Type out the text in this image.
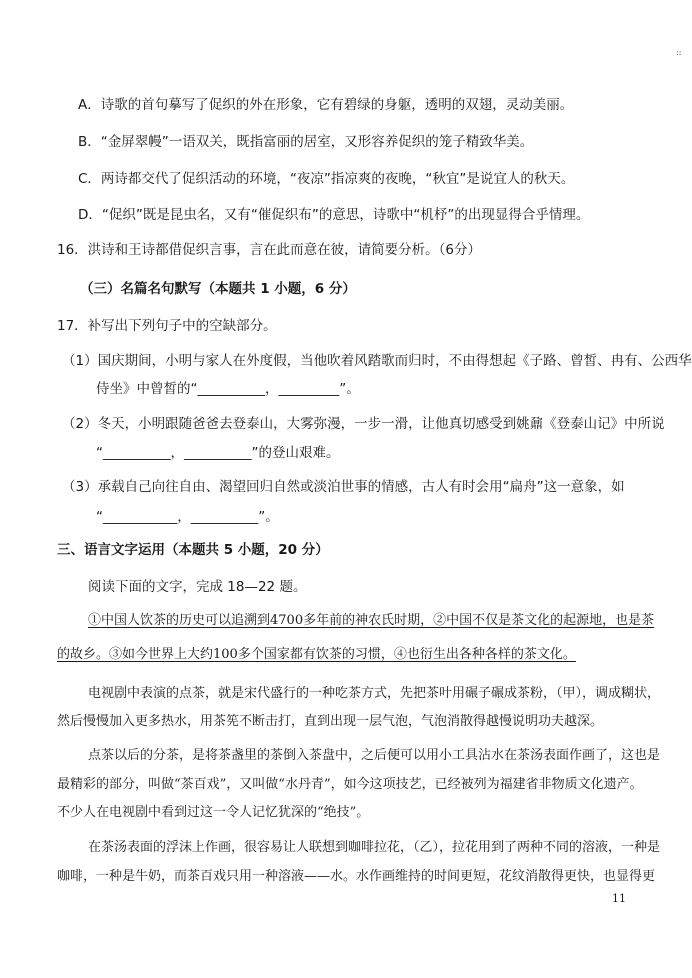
::
A．诗歌的首句摹写了促织的外在形象，它有碧绿的身躯，透明的双翅，灵动美丽。
B．“金屏翠幔”一语双关，既指富丽的居室，又形容养促织的笼子精致华美。
C．两诗都交代了促织活动的环境，“夜凉”指凉爽的夜晚，“秋宜”是说宜人的秋天。
D．“促织”既是昆虫名，又有“催促织布”的意思，诗歌中“机杼”的出现显得合乎情理。
16．洪诗和王诗都借促织言事，言在此而意在彼，请简要分析。（6分）
（三）名篇名句默写（本题共 1 小题，6 分）
17．补写出下列句子中的空缺部分。
（1）国庆期间，小明与家人在外度假，当他吹着风踏歌而归时，不由得想起《子路、曾皙、冉有、公西华
侍坐》中曾皙的“__________，_________”。
（2）冬天，小明跟随爸爸去登泰山，大雾弥漫，一步一滑，让他真切感受到姚鼐《登泰山记》中所说
“__________，__________”的登山艰难。
（3）承载自己向往自由、渴望回归自然或淡泊世事的情感，古人有时会用“扁舟”这一意象，如
“___________，__________”。
三、语言文字运用（本题共 5 小题，20 分）
阅读下面的文字，完成 18—22 题。
①中国人饮茶的历史可以追溯到4700多年前的神农氏时期，②中国不仅是茶文化的起源地，也是茶
的故乡。③如今世界上大约100多个国家都有饮茶的习惯，④也衍生出各种各样的茶文化。
电视剧中表演的点茶，就是宋代盛行的一种吃茶方式，先把茶叶用碾子碾成茶粉，（甲），调成糊状，
然后慢慢加入更多热水，用茶筅不断击打，直到出现一层气泡，气泡消散得越慢说明功夫越深。
点茶以后的分茶，是将茶盏里的茶倒入茶盘中，之后便可以用小工具沾水在茶汤表面作画了，这也是
最精彩的部分，叫做“茶百戏”，又叫做“水丹青”，如今这项技艺，已经被列为福建省非物质文化遗产。
不少人在电视剧中看到过这一令人记忆犹深的“绝技”。
在茶汤表面的浮沫上作画，很容易让人联想到咖啡拉花，（乙），拉花用到了两种不同的溶液，一种是
咖啡，一种是牛奶，而茶百戏只用一种溶液——水。水作画维持的时间更短，花纹消散得更快，也显得更
11
